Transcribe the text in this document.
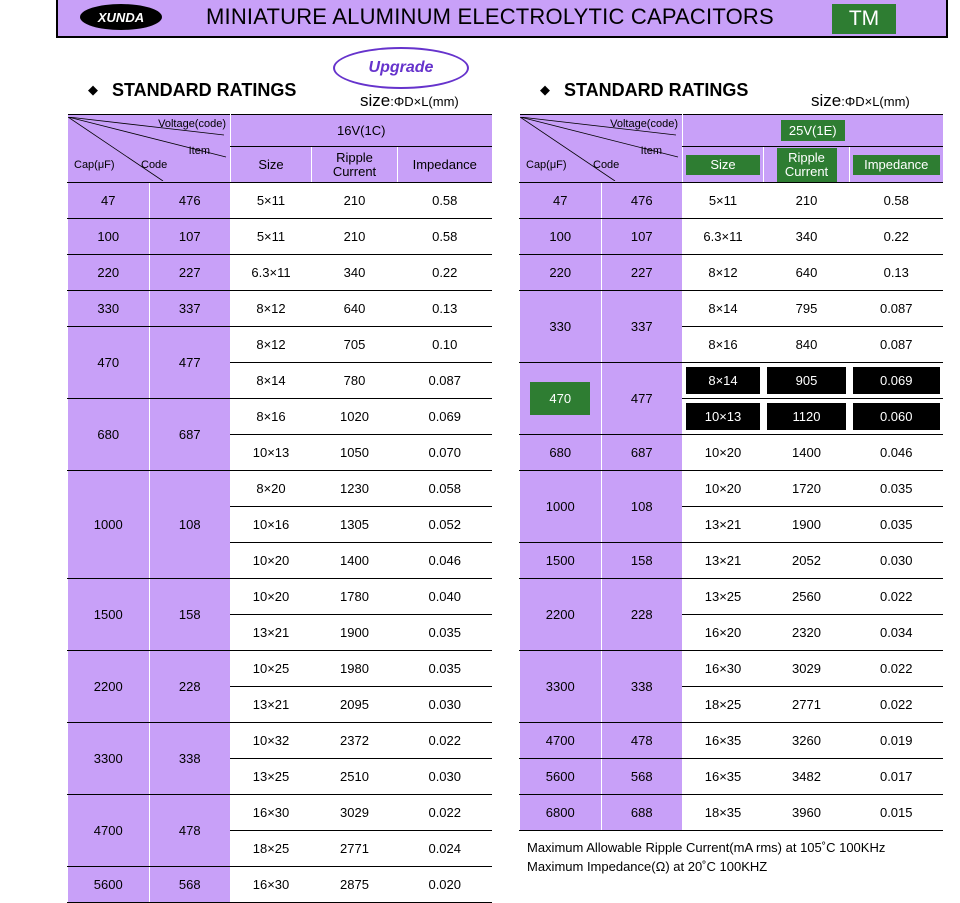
XUNDA	MINIATURE ALUMINUM ELECTROLYTIC CAPACITORS	TM
Upgrade
◆ STANDARD RATINGS
size:ΦD×L(mm)
◆ STANDARD RATINGS
size:ΦD×L(mm)
Voltage(code)
Item
Cap(μF) Code		16V(1C)		
		Size	Ripple Current	Impedance
47	476	5×11	210	0.58
100	107	5×11	210	0.58
220	227	6.3×11	340	0.22
330	337	8×12	640	0.13
470	477	8×12	705	0.10
		8×14	780	0.087
680	687	8×16	1020	0.069
		10×13	1050	0.070
1000	108	8×20	1230	0.058
		10×16	1305	0.052
		10×20	1400	0.046
1500	158	10×20	1780	0.040
		13×21	1900	0.035
2200	228	10×25	1980	0.035
		13×21	2095	0.030
3300	338	10×32	2372	0.022
		13×25	2510	0.030
4700	478	16×30	3029	0.022
		18×25	2771	0.024
5600	568	16×30	2875	0.020
Voltage(code)
Item
Cap(μF) Code		25V(1E)		

		Size	Ripple Current	Impedance

47	476	5×11	210	0.58
100	107	6.3×11	340	0.22
220	227	8×12	640	0.13
330	337	8×14	795	0.087
		8×16	840	0.087
470	477	8×14	905	0.069

		10×13	1120	0.060

680	687	10×20	1400	0.046
1000	108	10×20	1720	0.035
		13×21	1900	0.035
1500	158	13×21	2052	0.030
2200	228	13×25	2560	0.022
		16×20	2320	0.034
3300	338	16×30	3029	0.022
		18×25	2771	0.022
4700	478	16×35	3260	0.019
5600	568	16×35	3482	0.017
6800	688	18×35	3960	0.015
Maximum Allowable Ripple Current(mA rms) at 105˚C 100KHz
Maximum Impedance(Ω) at 20˚C 100KHZ
